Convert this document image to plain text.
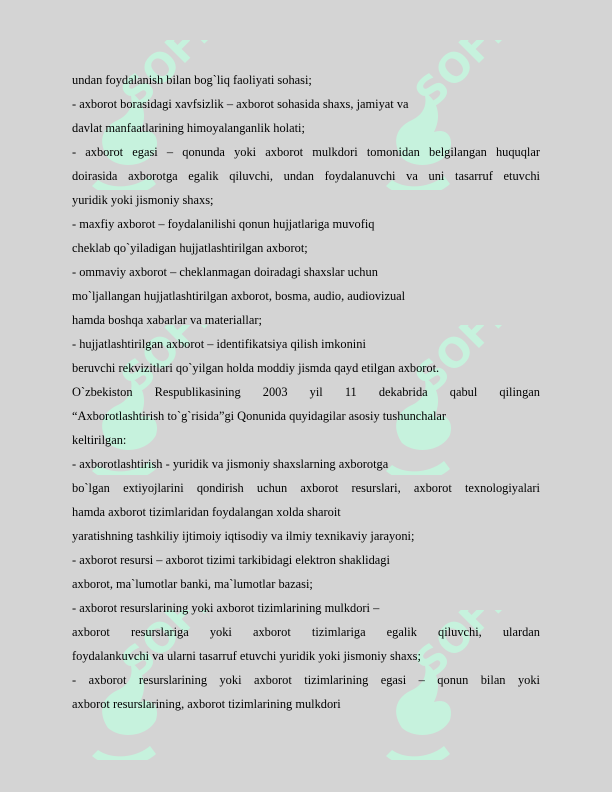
undan foydalanish bilan bog`liq faoliyati sohasi;
- axborot borasidagi xavfsizlik – axborot sohasida shaxs, jamiyat va
davlat manfaatlarining himoyalanganlik holati;
- axborot egasi – qonunda yoki axborot mulkdori tomonidan belgilangan huquqlar
doirasida axborotga egalik qiluvchi, undan foydalanuvchi va uni tasarruf etuvchi
yuridik yoki jismoniy shaxs;
- maxfiy axborot – foydalanilishi qonun hujjatlariga muvofiq
cheklab qo`yiladigan hujjatlashtirilgan axborot;
- ommaviy axborot – cheklanmagan doiradagi shaxslar uchun
mo`ljallangan hujjatlashtirilgan axborot, bosma, audio, audiovizual
hamda boshqa xabarlar va materiallar;
- hujjatlashtirilgan axborot – identifikatsiya qilish imkonini
beruvchi rekvizitlari qo`yilgan holda moddiy jismda qayd etilgan axborot.
O`zbekiston Respublikasining 2003 yil 11 dekabrida qabul qilingan
“Axborotlashtirish to`g`risida”gi Qonunida quyidagilar asosiy tushunchalar
keltirilgan:
- axborotlashtirish - yuridik va jismoniy shaxslarning axborotga
bo`lgan extiyojlarini qondirish uchun axborot resurslari, axborot texnologiyalari
hamda axborot tizimlaridan foydalangan xolda sharoit
yaratishning tashkiliy ijtimoiy iqtisodiy va ilmiy texnikaviy jarayoni;
- axborot resursi – axborot tizimi tarkibidagi elektron shaklidagi
axborot, ma`lumotlar banki, ma`lumotlar bazasi;
- axborot resurslarining yoki axborot tizimlarining mulkdori –
axborot resurslariga yoki axborot tizimlariga egalik qiluvchi, ulardan
foydalankuvchi va ularni tasarruf etuvchi yuridik yoki jismoniy shaxs;
- axborot resurslarining yoki axborot tizimlarining egasi – qonun bilan yoki
axborot resurslarining, axborot tizimlarining mulkdori
